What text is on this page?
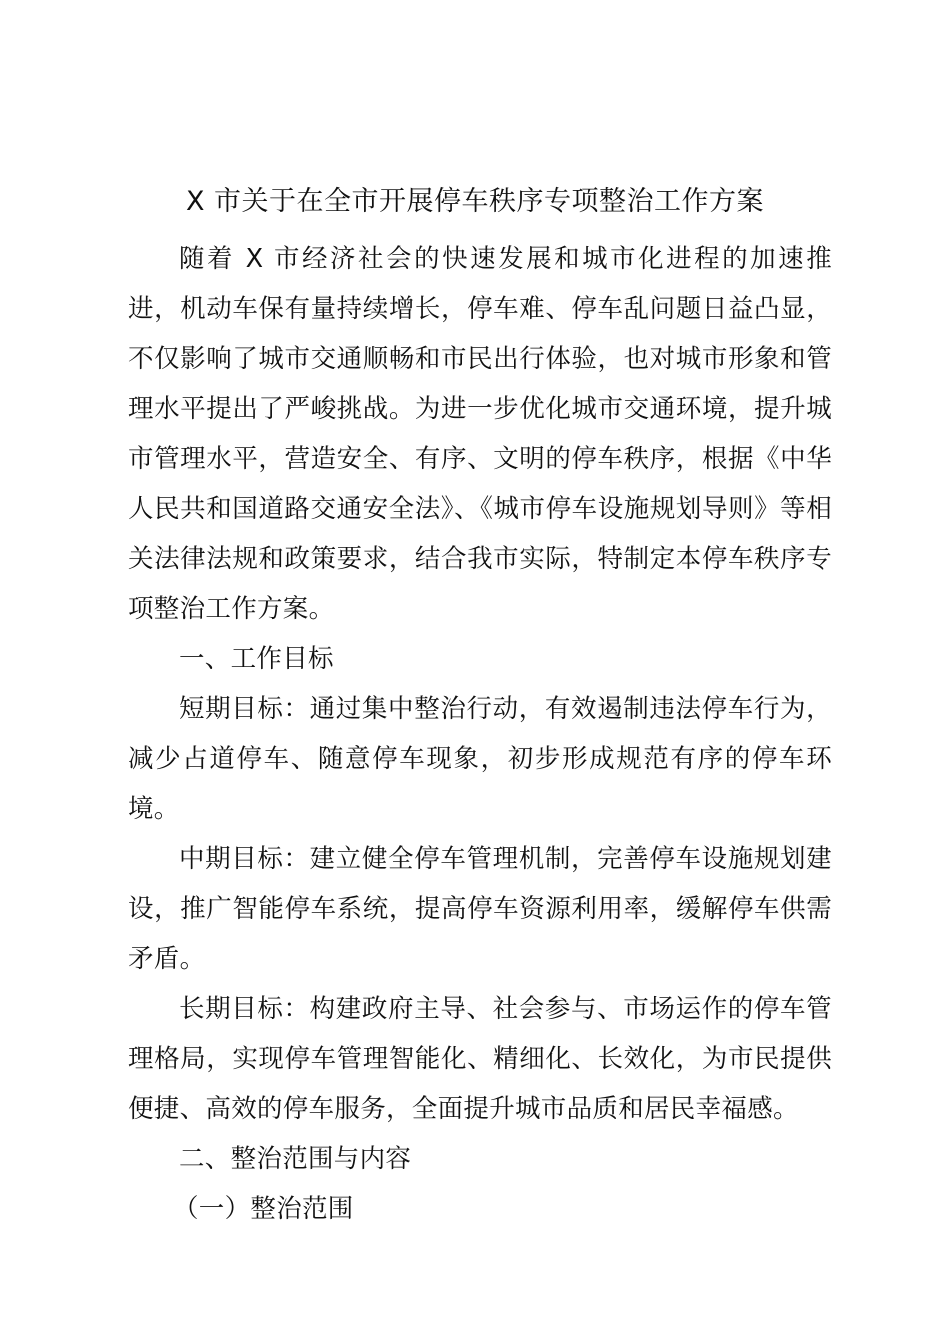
X 市关于在全市开展停车秩序专项整治工作方案

随着 X 市经济社会的快速发展和城市化进程的加速推进，机动车保有量持续增长，停车难、停车乱问题日益凸显，不仅影响了城市交通顺畅和市民出行体验，也对城市形象和管理水平提出了严峻挑战。为进一步优化城市交通环境，提升城市管理水平，营造安全、有序、文明的停车秩序，根据《中华人民共和国道路交通安全法》、《城市停车设施规划导则》等相关法律法规和政策要求，结合我市实际，特制定本停车秩序专项整治工作方案。

一、工作目标

短期目标：通过集中整治行动，有效遏制违法停车行为，减少占道停车、随意停车现象，初步形成规范有序的停车环境。

中期目标：建立健全停车管理机制，完善停车设施规划建设，推广智能停车系统，提高停车资源利用率，缓解停车供需矛盾。

长期目标：构建政府主导、社会参与、市场运作的停车管理格局，实现停车管理智能化、精细化、长效化，为市民提供便捷、高效的停车服务，全面提升城市品质和居民幸福感。

二、整治范围与内容

（一）整治范围
